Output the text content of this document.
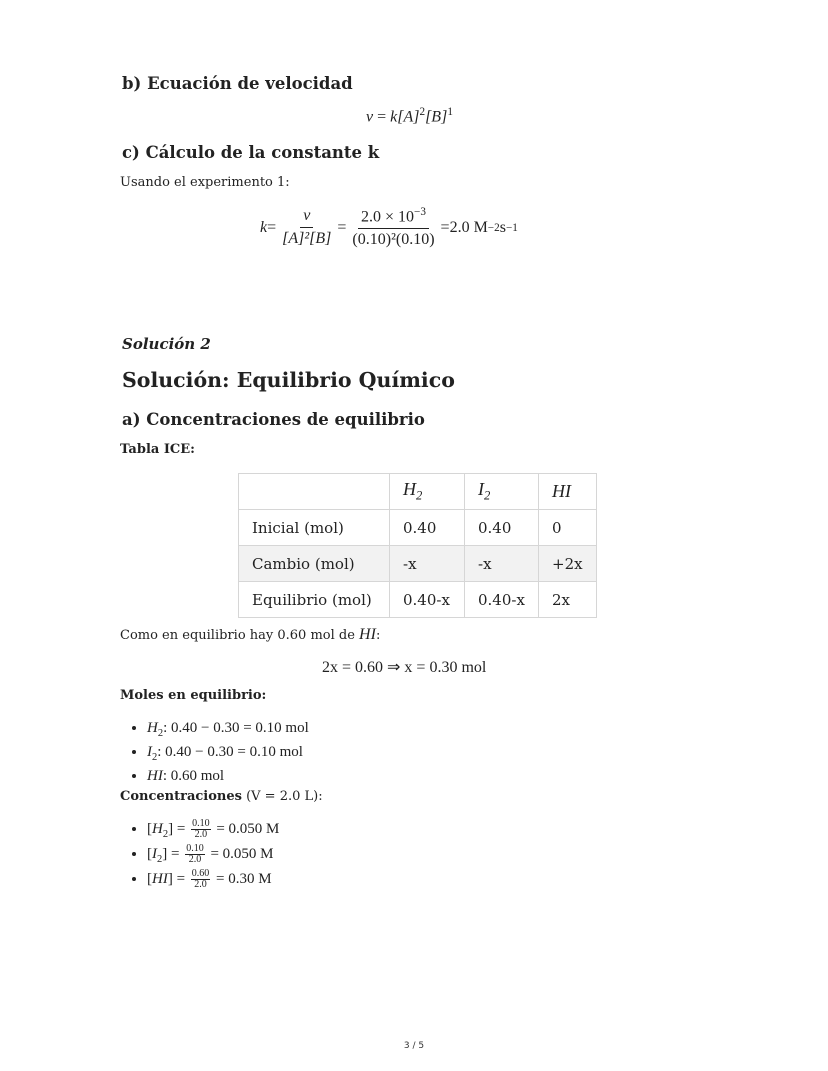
b) Ecuación de velocidad
$v = k[A]^2[B]^1$
c) Cálculo de la constante k
Usando el experimento 1:
$k = \frac{v}{\text{[A]²[B]}} = \frac{2.0 \times 10^{-3}}{\text{(0.10)²(0.10)}} = 2.0$ M −2 s −1
Solución 2
Solución: Equilibrio Químico
a) Concentraciones de equilibrio
Tabla ICE:
	$H_2$	$I_2$	HI
Inicial (mol)	0.40	0.40	0
Cambio (mol)	-x	-x	+2x
Equilibrio (mol)	0.40-x	0.40-x	2x
Como en equilibrio hay 0.60 mol de HI:
2x = 0.60 ⇒ x = 0.30 mol
Moles en equilibrio:
• $H_2$: 0.40 − 0.30 = 0.10 mol
• $I_2$: 0.40 − 0.30 = 0.10 mol
• HI: 0.60 mol
Concentraciones (V = 2.0 L):
• $[H_2] = \frac{0.10}{2.0} = 0.050$ M
• $[I_2] = \frac{0.10}{2.0} = 0.050$ M
• $[HI] = \frac{0.60}{2.0} = 0.30$ M
3 / 5
